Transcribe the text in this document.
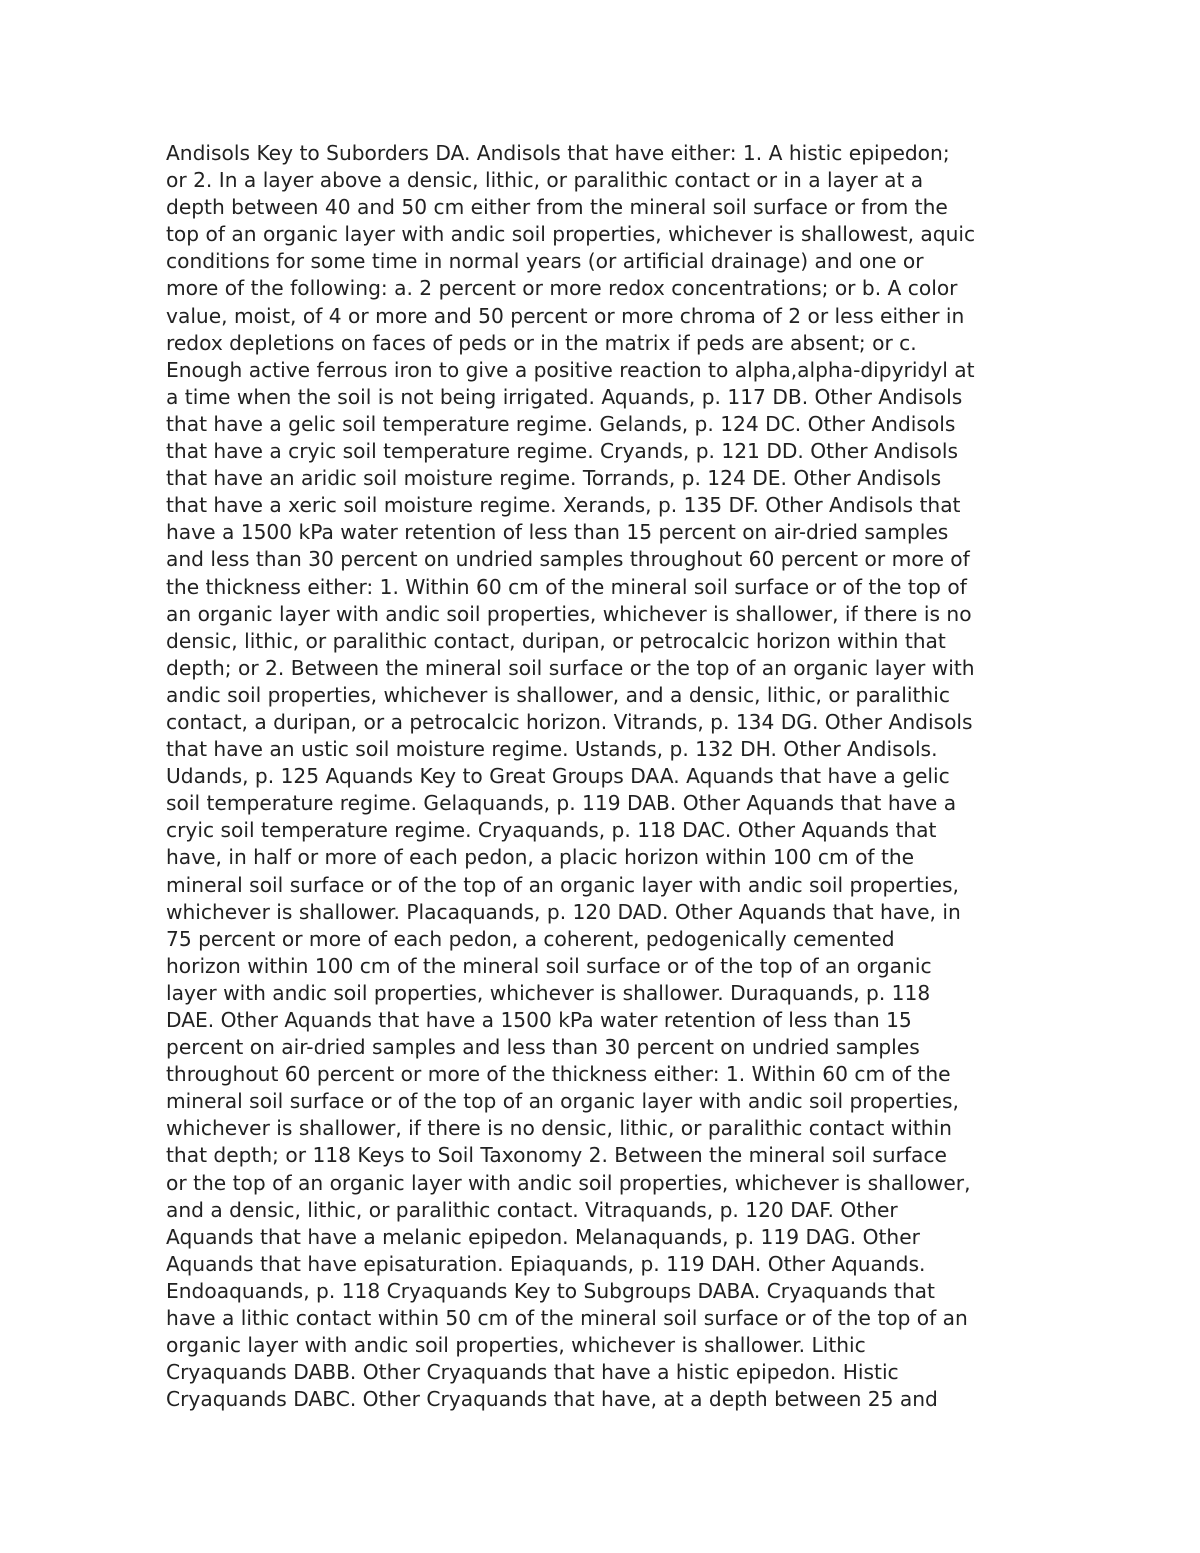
Andisols Key to Suborders DA. Andisols that have either: 1. A histic epipedon;
or 2. In a layer above a densic, lithic, or paralithic contact or in a layer at a
depth between 40 and 50 cm either from the mineral soil surface or from the
top of an organic layer with andic soil properties, whichever is shallowest, aquic
conditions for some time in normal years (or artificial drainage) and one or
more of the following: a. 2 percent or more redox concentrations; or b. A color
value, moist, of 4 or more and 50 percent or more chroma of 2 or less either in
redox depletions on faces of peds or in the matrix if peds are absent; or c.
Enough active ferrous iron to give a positive reaction to alpha,alpha-dipyridyl at
a time when the soil is not being irrigated. Aquands, p. 117 DB. Other Andisols
that have a gelic soil temperature regime. Gelands, p. 124 DC. Other Andisols
that have a cryic soil temperature regime. Cryands, p. 121 DD. Other Andisols
that have an aridic soil moisture regime. Torrands, p. 124 DE. Other Andisols
that have a xeric soil moisture regime. Xerands, p. 135 DF. Other Andisols that
have a 1500 kPa water retention of less than 15 percent on air-dried samples
and less than 30 percent on undried samples throughout 60 percent or more of
the thickness either: 1. Within 60 cm of the mineral soil surface or of the top of
an organic layer with andic soil properties, whichever is shallower, if there is no
densic, lithic, or paralithic contact, duripan, or petrocalcic horizon within that
depth; or 2. Between the mineral soil surface or the top of an organic layer with
andic soil properties, whichever is shallower, and a densic, lithic, or paralithic
contact, a duripan, or a petrocalcic horizon. Vitrands, p. 134 DG. Other Andisols
that have an ustic soil moisture regime. Ustands, p. 132 DH. Other Andisols.
Udands, p. 125 Aquands Key to Great Groups DAA. Aquands that have a gelic
soil temperature regime. Gelaquands, p. 119 DAB. Other Aquands that have a
cryic soil temperature regime. Cryaquands, p. 118 DAC. Other Aquands that
have, in half or more of each pedon, a placic horizon within 100 cm of the
mineral soil surface or of the top of an organic layer with andic soil properties,
whichever is shallower. Placaquands, p. 120 DAD. Other Aquands that have, in
75 percent or more of each pedon, a coherent, pedogenically cemented
horizon within 100 cm of the mineral soil surface or of the top of an organic
layer with andic soil properties, whichever is shallower. Duraquands, p. 118
DAE. Other Aquands that have a 1500 kPa water retention of less than 15
percent on air-dried samples and less than 30 percent on undried samples
throughout 60 percent or more of the thickness either: 1. Within 60 cm of the
mineral soil surface or of the top of an organic layer with andic soil properties,
whichever is shallower, if there is no densic, lithic, or paralithic contact within
that depth; or 118 Keys to Soil Taxonomy 2. Between the mineral soil surface
or the top of an organic layer with andic soil properties, whichever is shallower,
and a densic, lithic, or paralithic contact. Vitraquands, p. 120 DAF. Other
Aquands that have a melanic epipedon. Melanaquands, p. 119 DAG. Other
Aquands that have episaturation. Epiaquands, p. 119 DAH. Other Aquands.
Endoaquands, p. 118 Cryaquands Key to Subgroups DABA. Cryaquands that
have a lithic contact within 50 cm of the mineral soil surface or of the top of an
organic layer with andic soil properties, whichever is shallower. Lithic
Cryaquands DABB. Other Cryaquands that have a histic epipedon. Histic
Cryaquands DABC. Other Cryaquands that have, at a depth between 25 and
